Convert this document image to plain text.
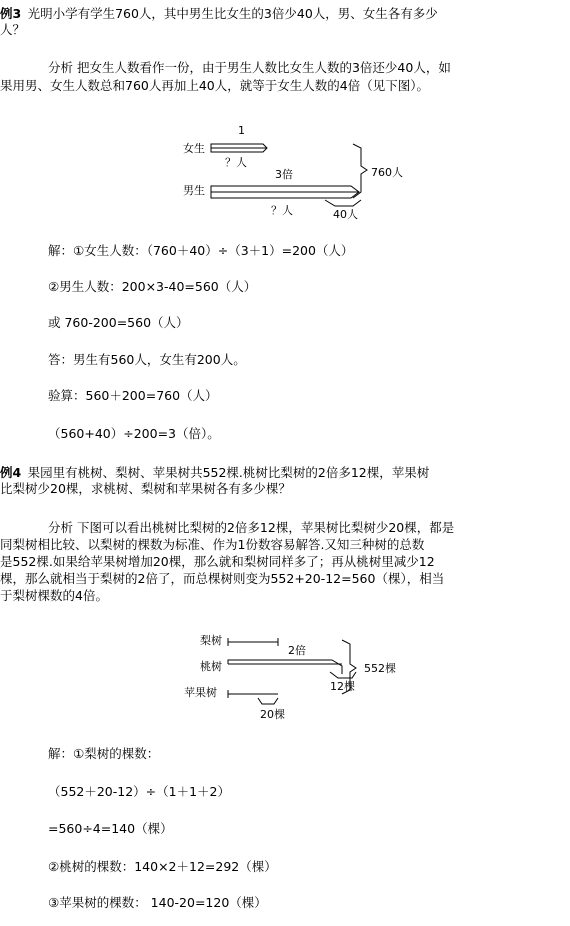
例3 光明小学有学生760人，其中男生比女生的3倍少40人，男、女生各有多少
人？
分析 把女生人数看作一份，由于男生人数比女生人数的3倍还少40人，如
果用男、女生人数总和760人再加上40人，就等于女生人数的4倍（见下图）。
女生
1
？人
3倍
男生
？人	40人
760人
解：①女生人数：（760＋40）÷（3＋1）=200（人）
②男生人数：200×3-40=560（人）
或 760-200=560（人）
答：男生有560人，女生有200人。
验算：560＋200=760（人）
（560+40）÷200=3（倍）。
例4 果园里有桃树、梨树、苹果树共552棵.桃树比梨树的2倍多12棵，苹果树
比梨树少20棵，求桃树、梨树和苹果树各有多少棵？
分析 下图可以看出桃树比梨树的2倍多12棵，苹果树比梨树少20棵，都是
同梨树相比较、以梨树的棵数为标准、作为1份数容易解答.又知三种树的总数
是552棵.如果给苹果树增加20棵，那么就和梨树同样多了；再从桃树里减少12
棵，那么就相当于梨树的2倍了，而总棵树则变为552+20-12=560（棵），相当
于梨树棵数的4倍。
梨树
2倍
桃树
12棵
苹果树
20棵
552棵
解：①梨树的棵数：
（552＋20-12）÷（1＋1＋2）
=560÷4=140（棵）
②桃树的棵数：140×2＋12=292（棵）
③苹果树的棵数： 140-20=120（棵）
